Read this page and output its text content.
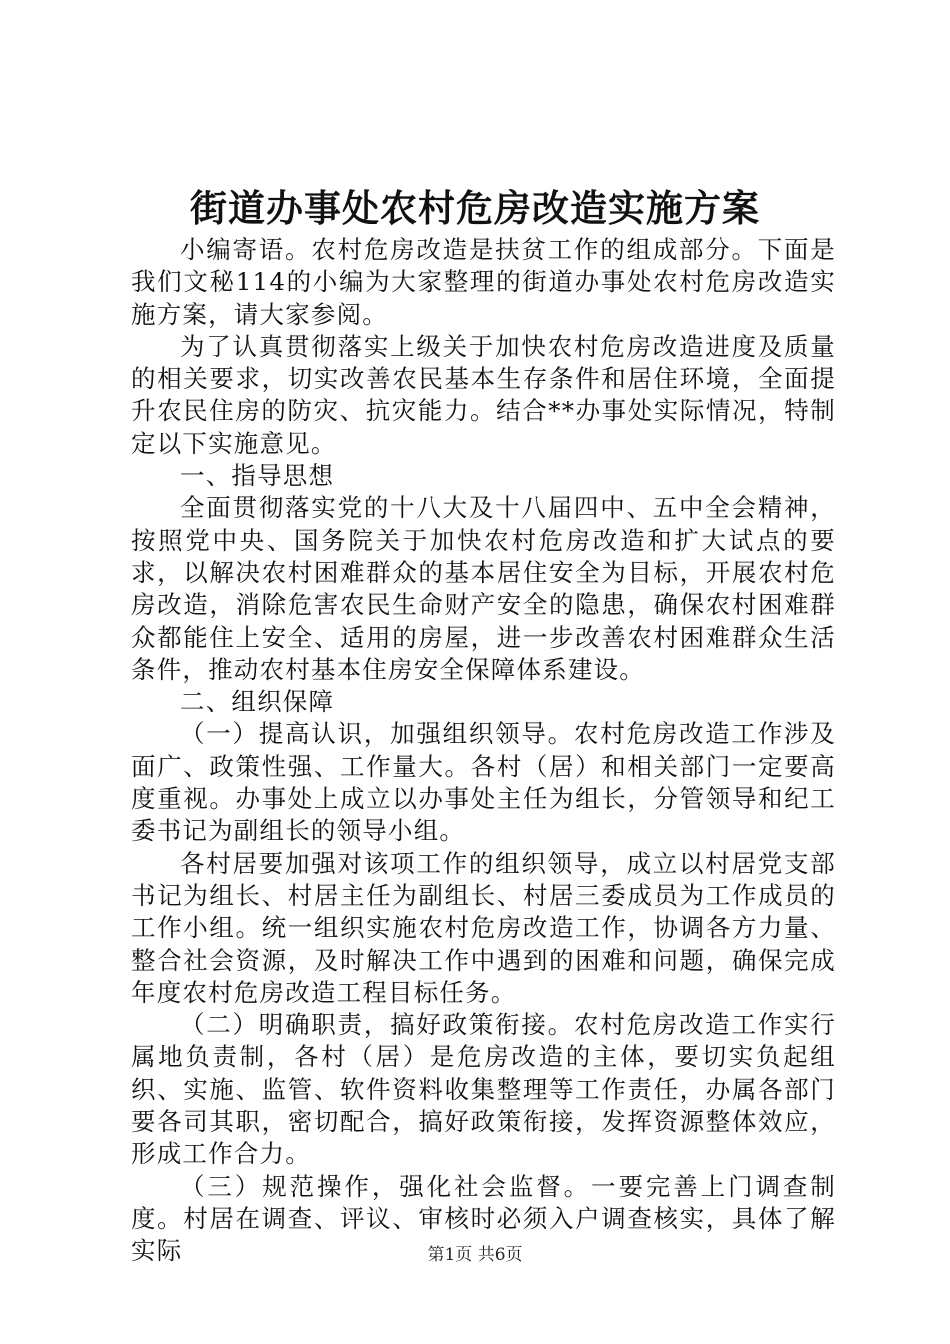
街道办事处农村危房改造实施方案

小编寄语。农村危房改造是扶贫工作的组成部分。下面是我们文秘114的小编为大家整理的街道办事处农村危房改造实施方案，请大家参阅。

为了认真贯彻落实上级关于加快农村危房改造进度及质量的相关要求，切实改善农民基本生存条件和居住环境，全面提升农民住房的防灾、抗灾能力。结合**办事处实际情况，特制定以下实施意见。

一、指导思想

全面贯彻落实党的十八大及十八届四中、五中全会精神，按照党中央、国务院关于加快农村危房改造和扩大试点的要求，以解决农村困难群众的基本居住安全为目标，开展农村危房改造，消除危害农民生命财产安全的隐患，确保农村困难群众都能住上安全、适用的房屋，进一步改善农村困难群众生活条件，推动农村基本住房安全保障体系建设。

二、组织保障

（一）提高认识，加强组织领导。农村危房改造工作涉及面广、政策性强、工作量大。各村（居）和相关部门一定要高度重视。办事处上成立以办事处主任为组长，分管领导和纪工委书记为副组长的领导小组。

各村居要加强对该项工作的组织领导，成立以村居党支部书记为组长、村居主任为副组长、村居三委成员为工作成员的工作小组。统一组织实施农村危房改造工作，协调各方力量、整合社会资源，及时解决工作中遇到的困难和问题，确保完成年度农村危房改造工程目标任务。

（二）明确职责，搞好政策衔接。农村危房改造工作实行属地负责制，各村（居）是危房改造的主体，要切实负起组织、实施、监管、软件资料收集整理等工作责任，办属各部门要各司其职，密切配合，搞好政策衔接，发挥资源整体效应，形成工作合力。

（三）规范操作，强化社会监督。一要完善上门调查制度。村居在调查、评议、审核时必须入户调查核实，具体了解实际	第1页 共6页
